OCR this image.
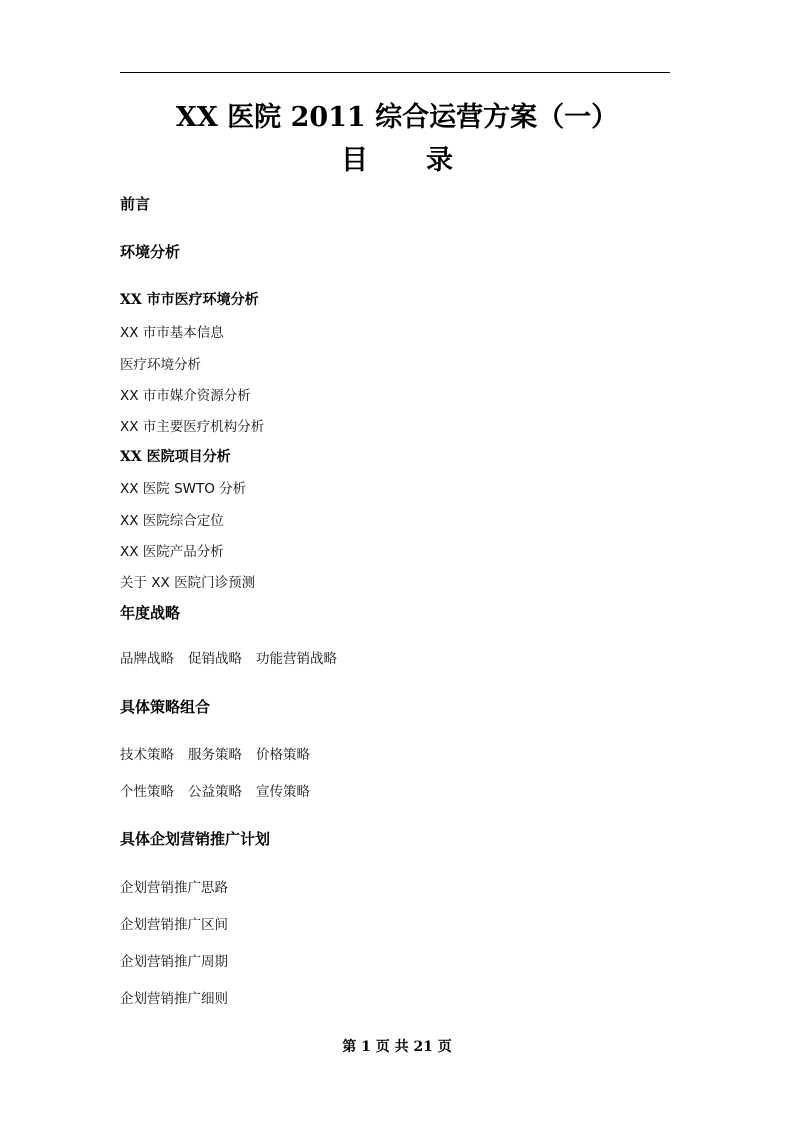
XX 医院 2011 综合运营方案（一）
目 录
前言
环境分析
XX 市市医疗环境分析
XX 市市基本信息
医疗环境分析
XX 市市媒介资源分析
XX 市主要医疗机构分析
XX 医院项目分析
XX 医院 SWTO 分析
XX 医院综合定位
XX 医院产品分析
关于 XX 医院门诊预测
年度战略
品牌战略 促销战略 功能营销战略
具体策略组合
技术策略 服务策略 价格策略
个性策略 公益策略 宣传策略
具体企划营销推广计划
企划营销推广思路
企划营销推广区间
企划营销推广周期
企划营销推广细则
第 1 页 共 21 页
